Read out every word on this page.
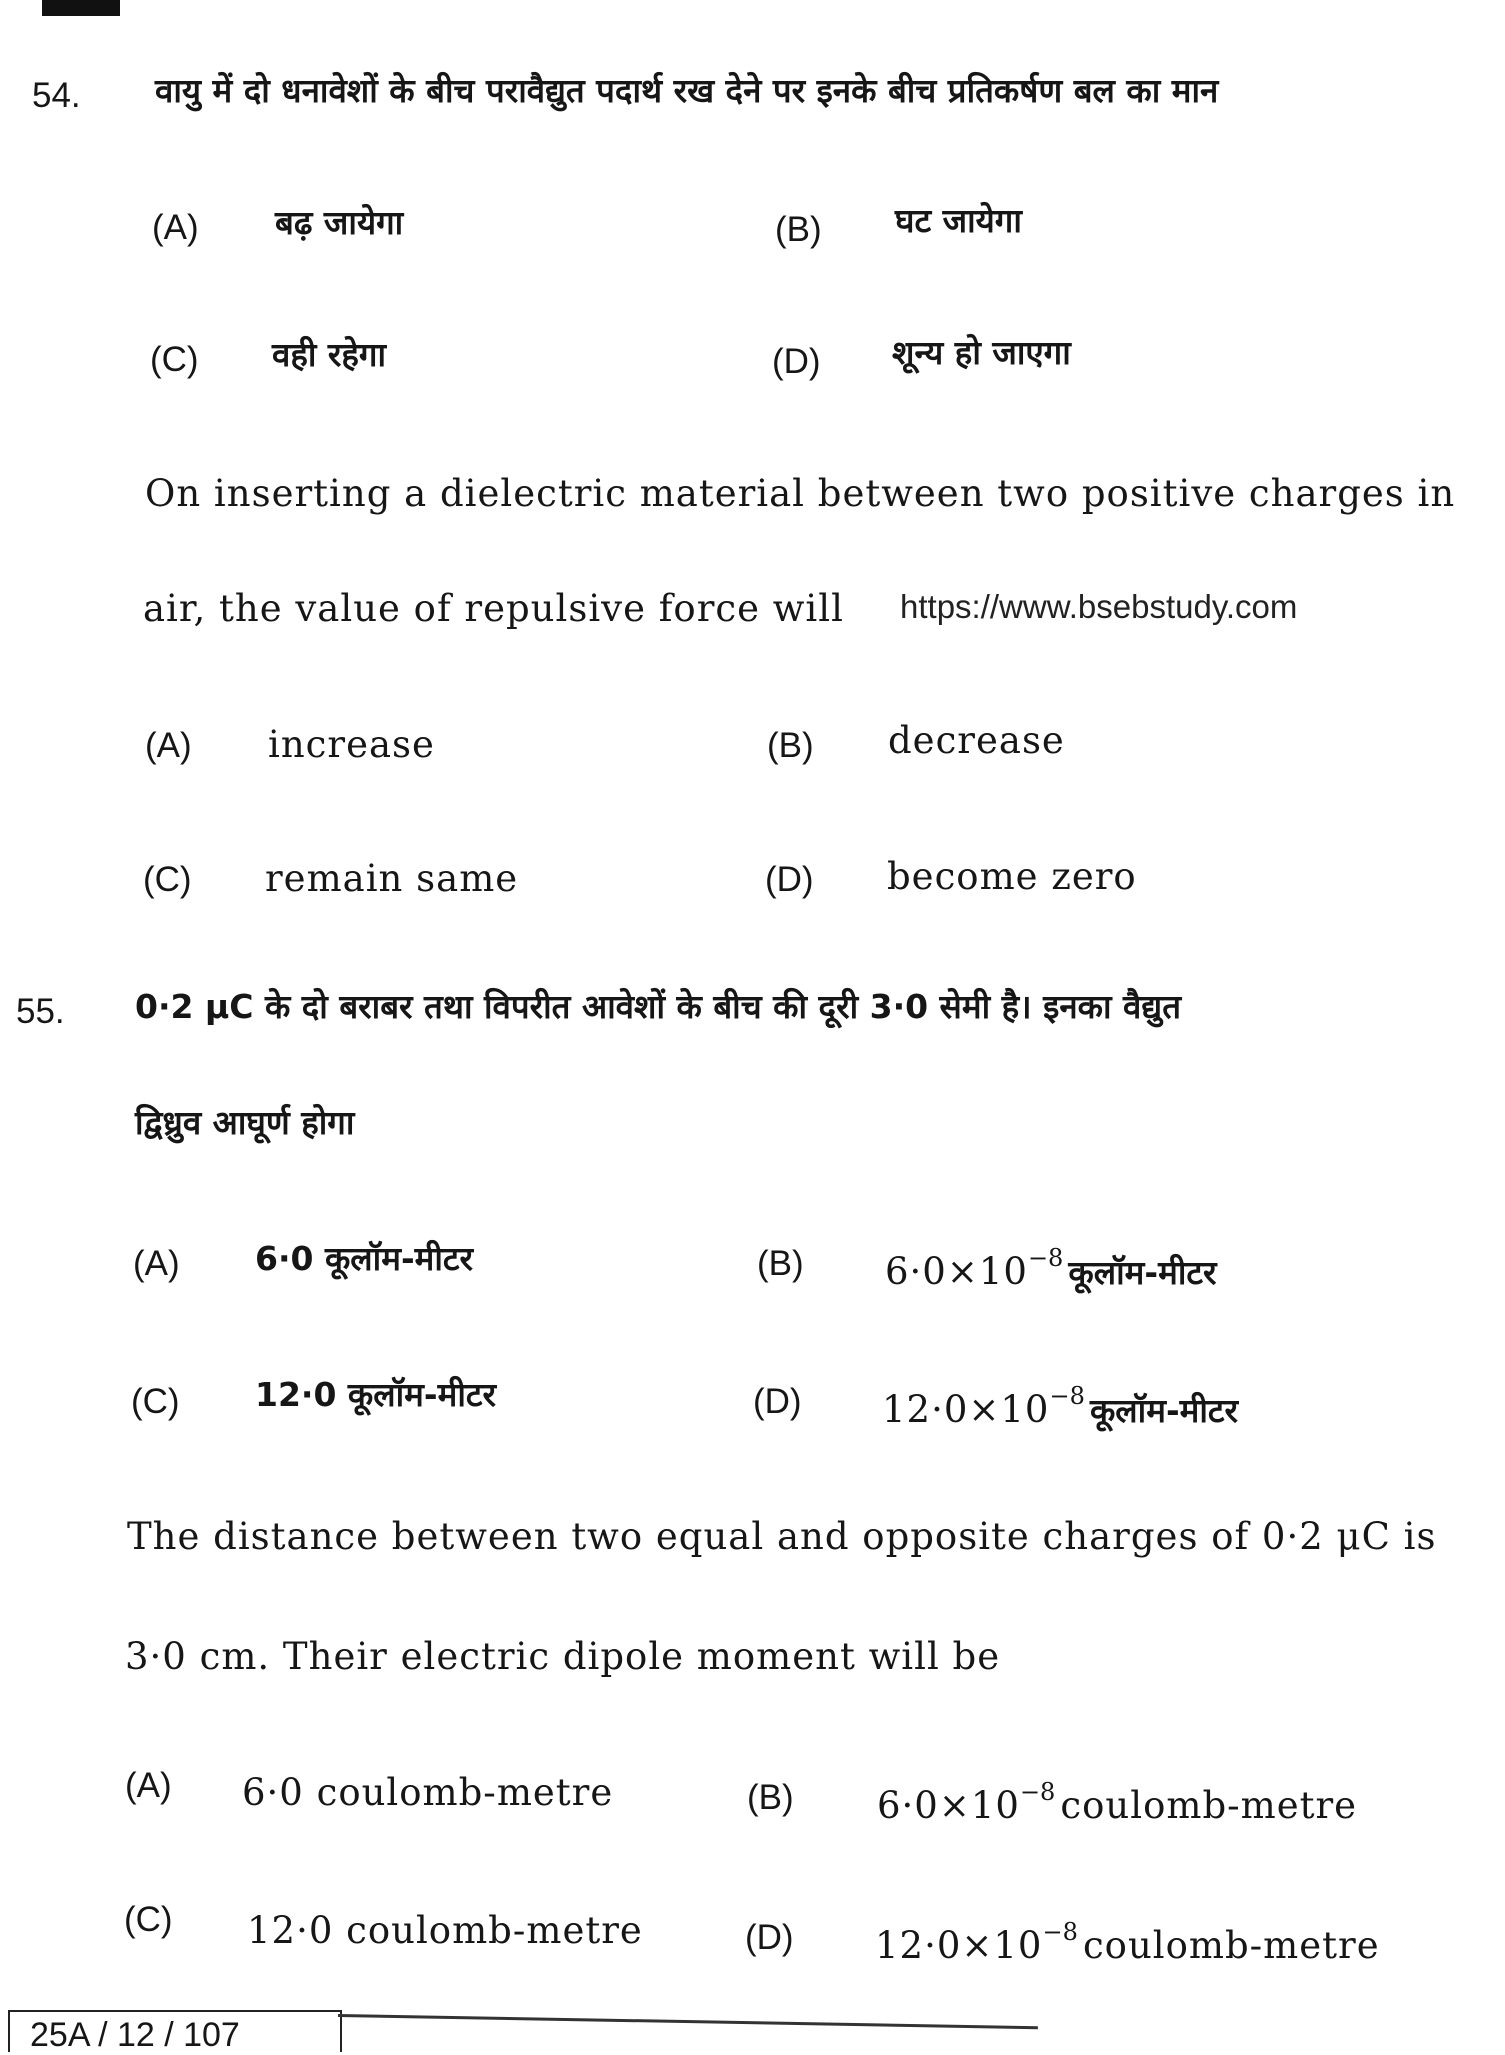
54. वायु में दो धनावेशों के बीच परावैद्युत पदार्थ रख देने पर इनके बीच प्रतिकर्षण बल का मान
(A) बढ़ जायेगा	(B) घट जायेगा
(C) वही रहेगा	(D) शून्य हो जाएगा
On inserting a dielectric material between two positive charges in
air, the value of repulsive force will https://www.bsebstudy.com
(A) increase	(B) decrease
(C) remain same	(D) become zero
55. 0·2 μC के दो बराबर तथा विपरीत आवेशों के बीच की दूरी 3·0 सेमी है। इनका वैद्युत
द्विध्रुव आघूर्ण होगा
(A) 6·0 कूलॉम-मीटर	(B) $6\cdot 0\times 10^{-8}$ कूलॉम-मीटर
(C) 12·0 कूलॉम-मीटर	(D) $12\cdot 0\times 10^{-8}$ कूलॉम-मीटर
The distance between two equal and opposite charges of 0·2 μC is
3·0 cm. Their electric dipole moment will be
(A) 6·0 coulomb-metre	(B) $6\cdot 0\times 10^{-8}$ coulomb-metre
(C) 12·0 coulomb-metre	(D) $12\cdot 0\times 10^{-8}$ coulomb-metre
25A / 12 / 107
